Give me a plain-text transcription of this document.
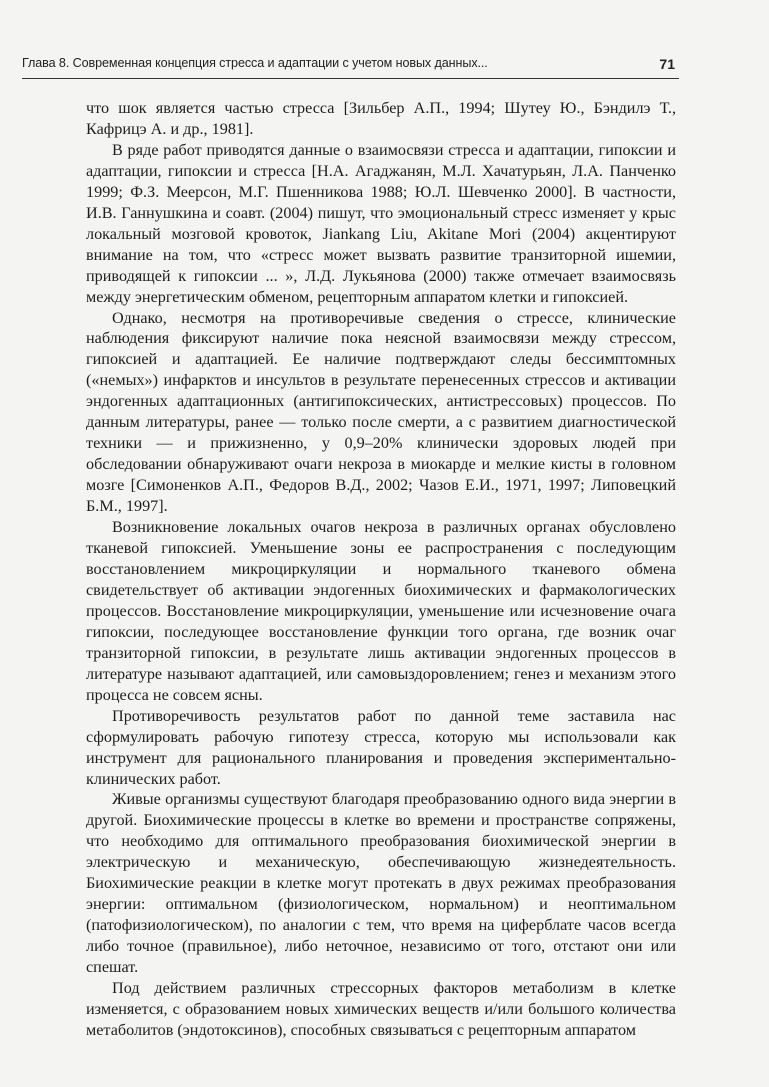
Глава 8. Современная концепция стресса и адаптации с учетом новых данных...	71

что шок является частью стресса [Зильбер А.П., 1994; Шутеу Ю., Бэндилэ Т., Кафрицэ А. и др., 1981].

В ряде работ приводятся данные о взаимосвязи стресса и адаптации, гипоксии и адаптации, гипоксии и стресса [Н.А. Агаджанян, М.Л. Хачатурьян, Л.А. Панченко 1999; Ф.З. Меерсон, М.Г. Пшенникова 1988; Ю.Л. Шевченко 2000]. В частности, И.В. Ганнушкина и соавт. (2004) пишут, что эмоциональный стресс изменяет у крыс локальный мозговой кровоток, Jiankang Liu, Akitane Mori (2004) акцентируют внимание на том, что «стресс может вызвать развитие транзиторной ишемии, приводящей к гипоксии ... », Л.Д. Лукьянова (2000) также отмечает взаимосвязь между энергетическим обменом, рецепторным аппаратом клетки и гипоксией.

Однако, несмотря на противоречивые сведения о стрессе, клинические наблюдения фиксируют наличие пока неясной взаимосвязи между стрессом, гипоксией и адаптацией. Ее наличие подтверждают следы бессимптомных («немых») инфарктов и инсультов в результате перенесенных стрессов и активации эндогенных адаптационных (антигипоксических, антистрессовых) процессов. По данным литературы, ранее — только после смерти, а с развитием диагностической техники — и прижизненно, у 0,9–20% клинически здоровых людей при обследовании обнаруживают очаги некроза в миокарде и мелкие кисты в головном мозге [Симоненков А.П., Федоров В.Д., 2002; Чазов Е.И., 1971, 1997; Липовецкий Б.М., 1997].

Возникновение локальных очагов некроза в различных органах обусловлено тканевой гипоксией. Уменьшение зоны ее распространения с последующим восстановлением микроциркуляции и нормального тканевого обмена свидетельствует об активации эндогенных биохимических и фармакологических процессов. Восстановление микроциркуляции, уменьшение или исчезновение очага гипоксии, последующее восстановление функции того органа, где возник очаг транзиторной гипоксии, в результате лишь активации эндогенных процессов в литературе называют адаптацией, или самовыздоровлением; генез и механизм этого процесса не совсем ясны.

Противоречивость результатов работ по данной теме заставила нас сформулировать рабочую гипотезу стресса, которую мы использовали как инструмент для рационального планирования и проведения экспериментально-клинических работ.

Живые организмы существуют благодаря преобразованию одного вида энергии в другой. Биохимические процессы в клетке во времени и пространстве сопряжены, что необходимо для оптимального преобразования биохимической энергии в электрическую и механическую, обеспечивающую жизнедеятельность. Биохимические реакции в клетке могут протекать в двух режимах преобразования энергии: оптимальном (физиологическом, нормальном) и неоптимальном (патофизиологическом), по аналогии с тем, что время на циферблате часов всегда либо точное (правильное), либо неточное, независимо от того, отстают они или спешат.

Под действием различных стрессорных факторов метаболизм в клетке изменяется, с образованием новых химических веществ и/или большого количества метаболитов (эндотоксинов), способных связываться с рецепторным аппаратом
